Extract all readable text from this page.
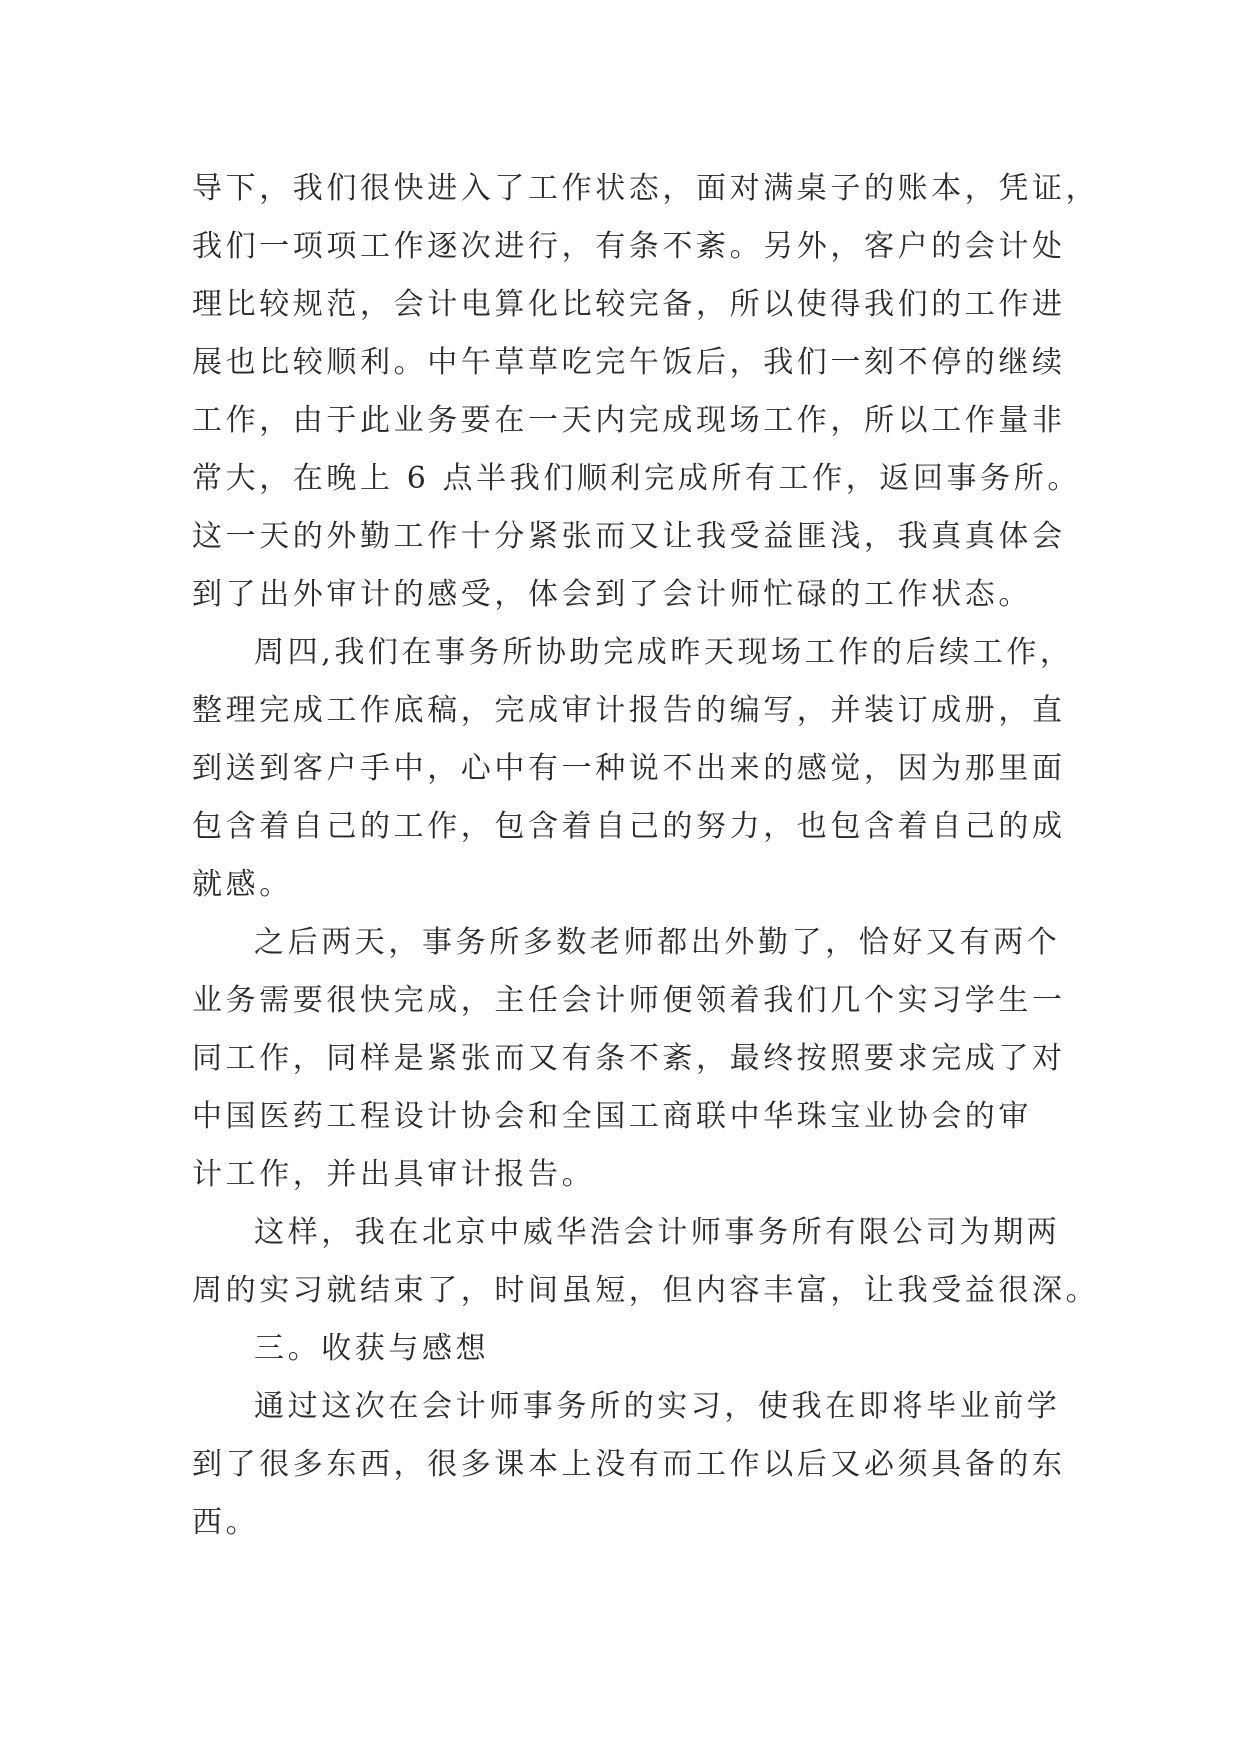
导下，我们很快进入了工作状态，面对满桌子的账本，凭证，
我们一项项工作逐次进行，有条不紊。另外，客户的会计处
理比较规范，会计电算化比较完备，所以使得我们的工作进
展也比较顺利。中午草草吃完午饭后，我们一刻不停的继续
工作，由于此业务要在一天内完成现场工作，所以工作量非
常大，在晚上 6 点半我们顺利完成所有工作，返回事务所。
这一天的外勤工作十分紧张而又让我受益匪浅，我真真体会
到了出外审计的感受，体会到了会计师忙碌的工作状态。
周四,我们在事务所协助完成昨天现场工作的后续工作，
整理完成工作底稿，完成审计报告的编写，并装订成册，直
到送到客户手中，心中有一种说不出来的感觉，因为那里面
包含着自己的工作，包含着自己的努力，也包含着自己的成
就感。
之后两天，事务所多数老师都出外勤了，恰好又有两个
业务需要很快完成，主任会计师便领着我们几个实习学生一
同工作，同样是紧张而又有条不紊，最终按照要求完成了对
中国医药工程设计协会和全国工商联中华珠宝业协会的审
计工作，并出具审计报告。
这样，我在北京中威华浩会计师事务所有限公司为期两
周的实习就结束了，时间虽短，但内容丰富，让我受益很深。
三。收获与感想
通过这次在会计师事务所的实习，使我在即将毕业前学
到了很多东西，很多课本上没有而工作以后又必须具备的东
西。
